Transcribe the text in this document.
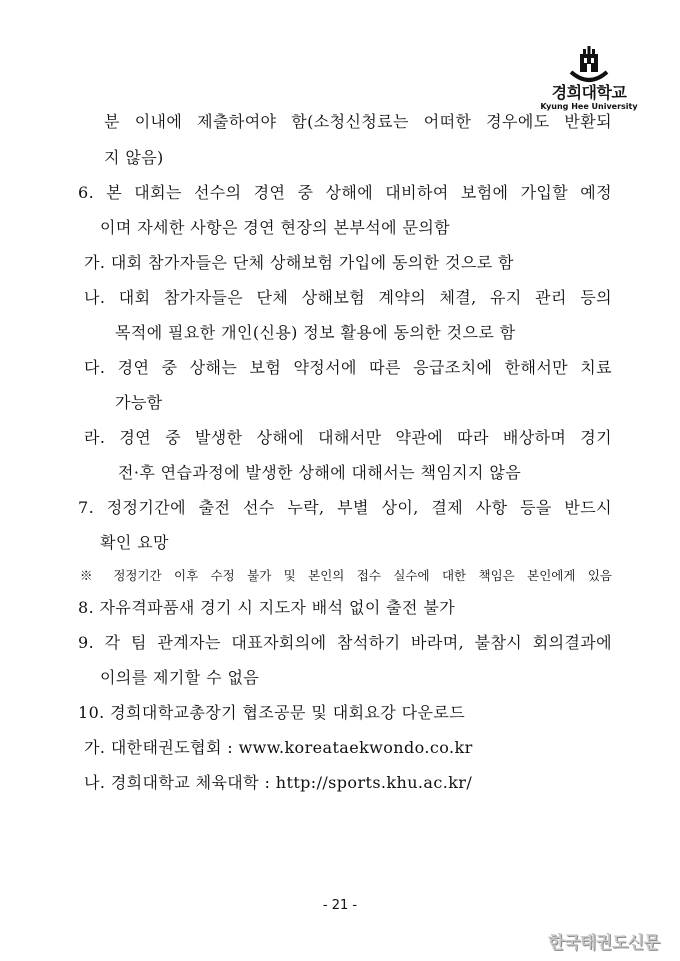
경희대학교
Kyung Hee University
분 이내에 제출하여야 함(소청신청료는 어떠한 경우에도 반환되
지 않음)
6. 본 대회는 선수의 경연 중 상해에 대비하여 보험에 가입할 예정
이며 자세한 사항은 경연 현장의 본부석에 문의함
가. 대회 참가자들은 단체 상해보험 가입에 동의한 것으로 함
나. 대회 참가자들은 단체 상해보험 계약의 체결, 유지 관리 등의
목적에 필요한 개인(신용) 정보 활용에 동의한 것으로 함
다. 경연 중 상해는 보험 약정서에 따른 응급조치에 한해서만 치료
가능함
라. 경연 중 발생한 상해에 대해서만 약관에 따라 배상하며 경기
전·후 연습과정에 발생한 상해에 대해서는 책임지지 않음
7. 정정기간에 출전 선수 누락, 부별 상이, 결제 사항 등을 반드시
확인 요망
※ 정정기간 이후 수정 불가 및 본인의 접수 실수에 대한 책임은 본인에게 있음
8. 자유격파품새 경기 시 지도자 배석 없이 출전 불가
9. 각 팀 관계자는 대표자회의에 참석하기 바라며, 불참시 회의결과에
이의를 제기할 수 없음
10. 경희대학교총장기 협조공문 및 대회요강 다운로드
가. 대한태권도협회 : www.koreataekwondo.co.kr
나. 경희대학교 체육대학 : http://sports.khu.ac.kr/
- 21 -
한국태권도신문
